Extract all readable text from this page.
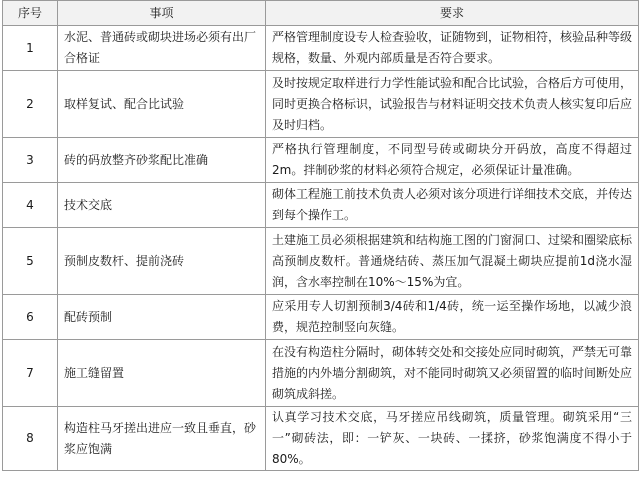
序号	事项	要求
1	水泥、普通砖或砌块进场必须有出厂合格证	严格管理制度设专人检查验收，证随物到，证物相符，核验品种等级规格，数量、外观内部质量是否符合要求。
2	取样复试、配合比试验	及时按规定取样进行力学性能试验和配合比试验，合格后方可使用，同时更换合格标识，试验报告与材料证明交技术负责人核实复印后应及时归档。
3	砖的码放整齐砂浆配比准确	严格执行管理制度，不同型号砖或砌块分开码放，高度不得超过2m。拌制砂浆的材料必须符合规定，必须保证计量准确。
4	技术交底	砌体工程施工前技术负责人必须对该分项进行详细技术交底，并传达到每个操作工。
5	预制皮数杆、提前浇砖	土建施工员必须根据建筑和结构施工图的门窗洞口、过梁和圈梁底标高预制皮数杆。普通烧结砖、蒸压加气混凝土砌块应提前1d浇水湿润，含水率控制在10%～15%为宜。
6	配砖预制	应采用专人切割预制3/4砖和1/4砖，统一运至操作场地，以减少浪费，规范控制竖向灰缝。
7	施工缝留置	在没有构造柱分隔时，砌体转交处和交接处应同时砌筑，严禁无可靠措施的内外墙分割砌筑，对不能同时砌筑又必须留置的临时间断处应砌筑成斜搓。
8	构造柱马牙搓出进应一致且垂直，砂浆应饱满	认真学习技术交底，马牙搓应吊线砌筑，质量管理。砌筑采用“三一”砌砖法，即：一铲灰、一块砖、一揉挤，砂浆饱满度不得小于80%。
